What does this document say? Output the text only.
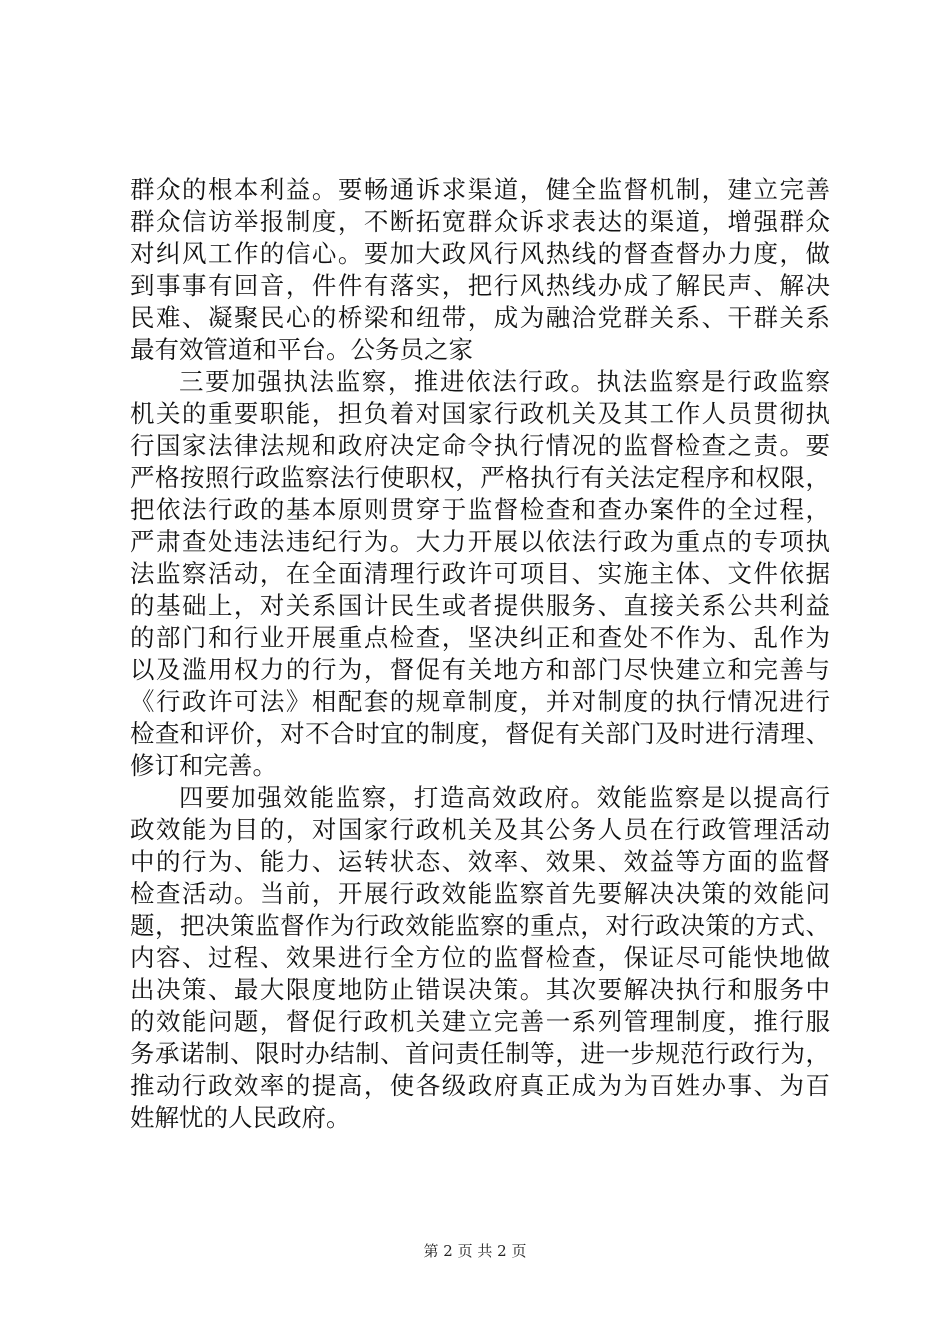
群众的根本利益。要畅通诉求渠道，健全监督机制，建立完善
群众信访举报制度，不断拓宽群众诉求表达的渠道，增强群众
对纠风工作的信心。要加大政风行风热线的督查督办力度，做
到事事有回音，件件有落实，把行风热线办成了解民声、解决
民难、凝聚民心的桥梁和纽带，成为融洽党群关系、干群关系
最有效管道和平台。公务员之家
三要加强执法监察，推进依法行政。执法监察是行政监察
机关的重要职能，担负着对国家行政机关及其工作人员贯彻执
行国家法律法规和政府决定命令执行情况的监督检查之责。要
严格按照行政监察法行使职权，严格执行有关法定程序和权限，
把依法行政的基本原则贯穿于监督检查和查办案件的全过程，
严肃查处违法违纪行为。大力开展以依法行政为重点的专项执
法监察活动，在全面清理行政许可项目、实施主体、文件依据
的基础上，对关系国计民生或者提供服务、直接关系公共利益
的部门和行业开展重点检查，坚决纠正和查处不作为、乱作为
以及滥用权力的行为，督促有关地方和部门尽快建立和完善与
《行政许可法》相配套的规章制度，并对制度的执行情况进行
检查和评价，对不合时宜的制度，督促有关部门及时进行清理、
修订和完善。
四要加强效能监察，打造高效政府。效能监察是以提高行
政效能为目的，对国家行政机关及其公务人员在行政管理活动
中的行为、能力、运转状态、效率、效果、效益等方面的监督
检查活动。当前，开展行政效能监察首先要解决决策的效能问
题，把决策监督作为行政效能监察的重点，对行政决策的方式、
内容、过程、效果进行全方位的监督检查，保证尽可能快地做
出决策、最大限度地防止错误决策。其次要解决执行和服务中
的效能问题，督促行政机关建立完善一系列管理制度，推行服
务承诺制、限时办结制、首问责任制等，进一步规范行政行为，
推动行政效率的提高，使各级政府真正成为为百姓办事、为百
姓解忧的人民政府。
第 2 页 共 2 页
